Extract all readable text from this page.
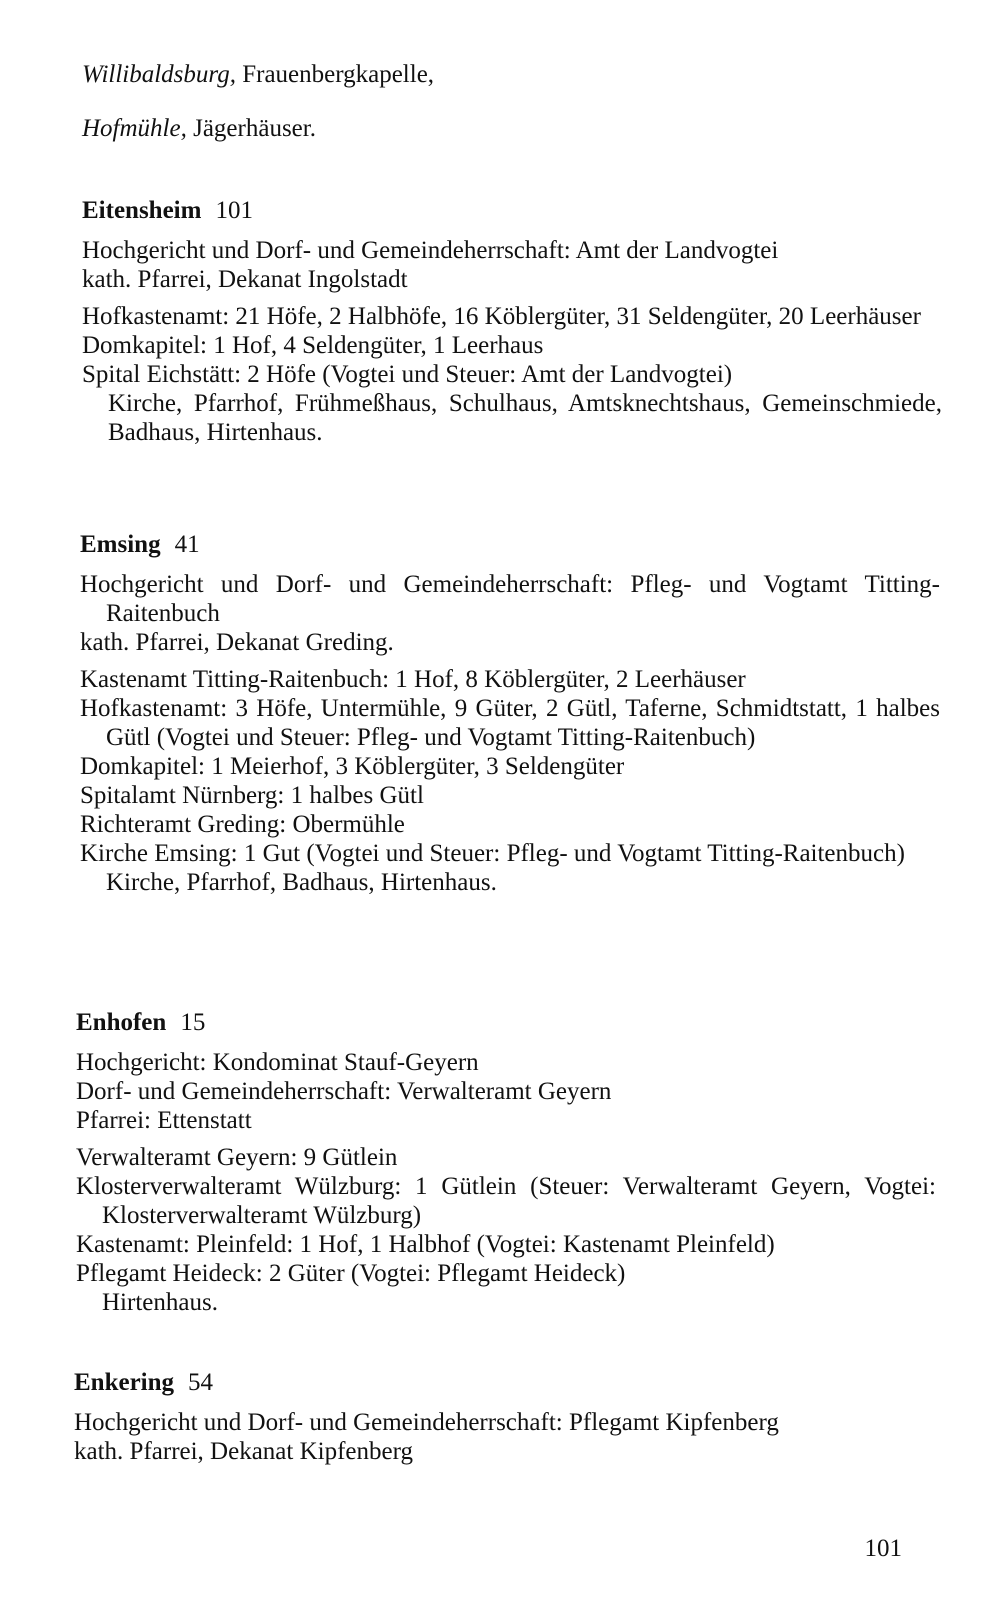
Willibaldsburg, Frauenbergkapelle,
Hofmühle, Jägerhäuser.
Eitensheim 101
Hochgericht und Dorf- und Gemeindeherrschaft: Amt der Landvogtei
kath. Pfarrei, Dekanat Ingolstadt
Hofkastenamt: 21 Höfe, 2 Halbhöfe, 16 Köblergüter, 31 Seldengüter, 20 Leerhäuser
Domkapitel: 1 Hof, 4 Seldengüter, 1 Leerhaus
Spital Eichstätt: 2 Höfe (Vogtei und Steuer: Amt der Landvogtei)
Kirche, Pfarrhof, Frühmeßhaus, Schulhaus, Amtsknechtshaus, Gemeinschmiede, Badhaus, Hirtenhaus.
Emsing 41
Hochgericht und Dorf- und Gemeindeherrschaft: Pfleg- und Vogtamt Titting-Raitenbuch
kath. Pfarrei, Dekanat Greding.
Kastenamt Titting-Raitenbuch: 1 Hof, 8 Köblergüter, 2 Leerhäuser
Hofkastenamt: 3 Höfe, Untermühle, 9 Güter, 2 Gütl, Taferne, Schmidtstatt, 1 halbes Gütl (Vogtei und Steuer: Pfleg- und Vogtamt Titting-Raitenbuch)
Domkapitel: 1 Meierhof, 3 Köblergüter, 3 Seldengüter
Spitalamt Nürnberg: 1 halbes Gütl
Richteramt Greding: Obermühle
Kirche Emsing: 1 Gut (Vogtei und Steuer: Pfleg- und Vogtamt Titting-Raitenbuch)
Kirche, Pfarrhof, Badhaus, Hirtenhaus.
Enhofen 15
Hochgericht: Kondominat Stauf-Geyern
Dorf- und Gemeindeherrschaft: Verwalteramt Geyern
Pfarrei: Ettenstatt
Verwalteramt Geyern: 9 Gütlein
Klosterverwalteramt Wülzburg: 1 Gütlein (Steuer: Verwalteramt Geyern, Vogtei: Klosterverwalteramt Wülzburg)
Kastenamt: Pleinfeld: 1 Hof, 1 Halbhof (Vogtei: Kastenamt Pleinfeld)
Pflegamt Heideck: 2 Güter (Vogtei: Pflegamt Heideck)
Hirtenhaus.
Enkering 54
Hochgericht und Dorf- und Gemeindeherrschaft: Pflegamt Kipfenberg
kath. Pfarrei, Dekanat Kipfenberg
101
